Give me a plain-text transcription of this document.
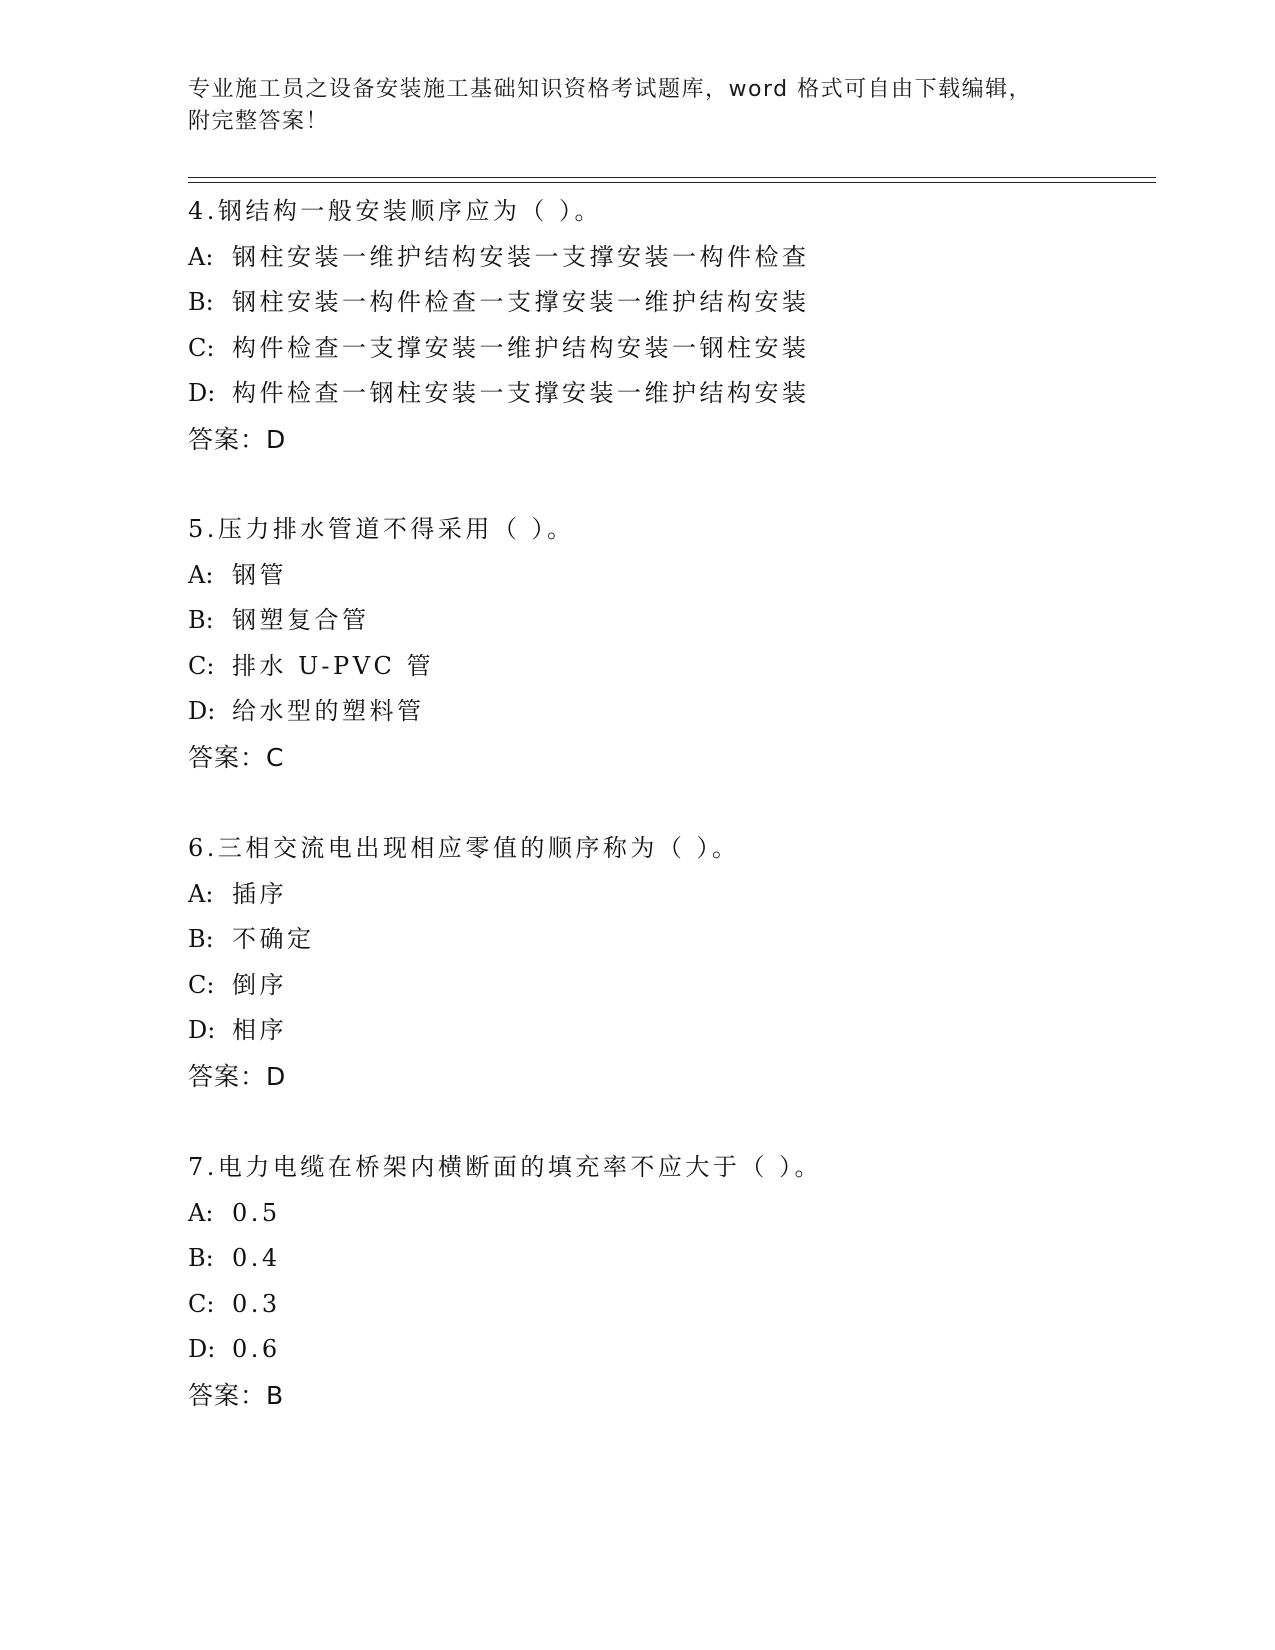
专业施工员之设备安装施工基础知识资格考试题库，word 格式可自由下载编辑，
附完整答案！
4.钢结构一般安装顺序应为（ ）。
A: 钢柱安装一维护结构安装一支撑安装一构件检查
B: 钢柱安装一构件检查一支撑安装一维护结构安装
C: 构件检查一支撑安装一维护结构安装一钢柱安装
D: 构件检查一钢柱安装一支撑安装一维护结构安装
答案：D
5.压力排水管道不得采用（ ）。
A: 钢管
B: 钢塑复合管
C: 排水 U-PVC 管
D: 给水型的塑料管
答案：C
6.三相交流电出现相应零值的顺序称为（ ）。
A: 插序
B: 不确定
C: 倒序
D: 相序
答案：D
7.电力电缆在桥架内横断面的填充率不应大于（ ）。
A: 0.5
B: 0.4
C: 0.3
D: 0.6
答案：B
